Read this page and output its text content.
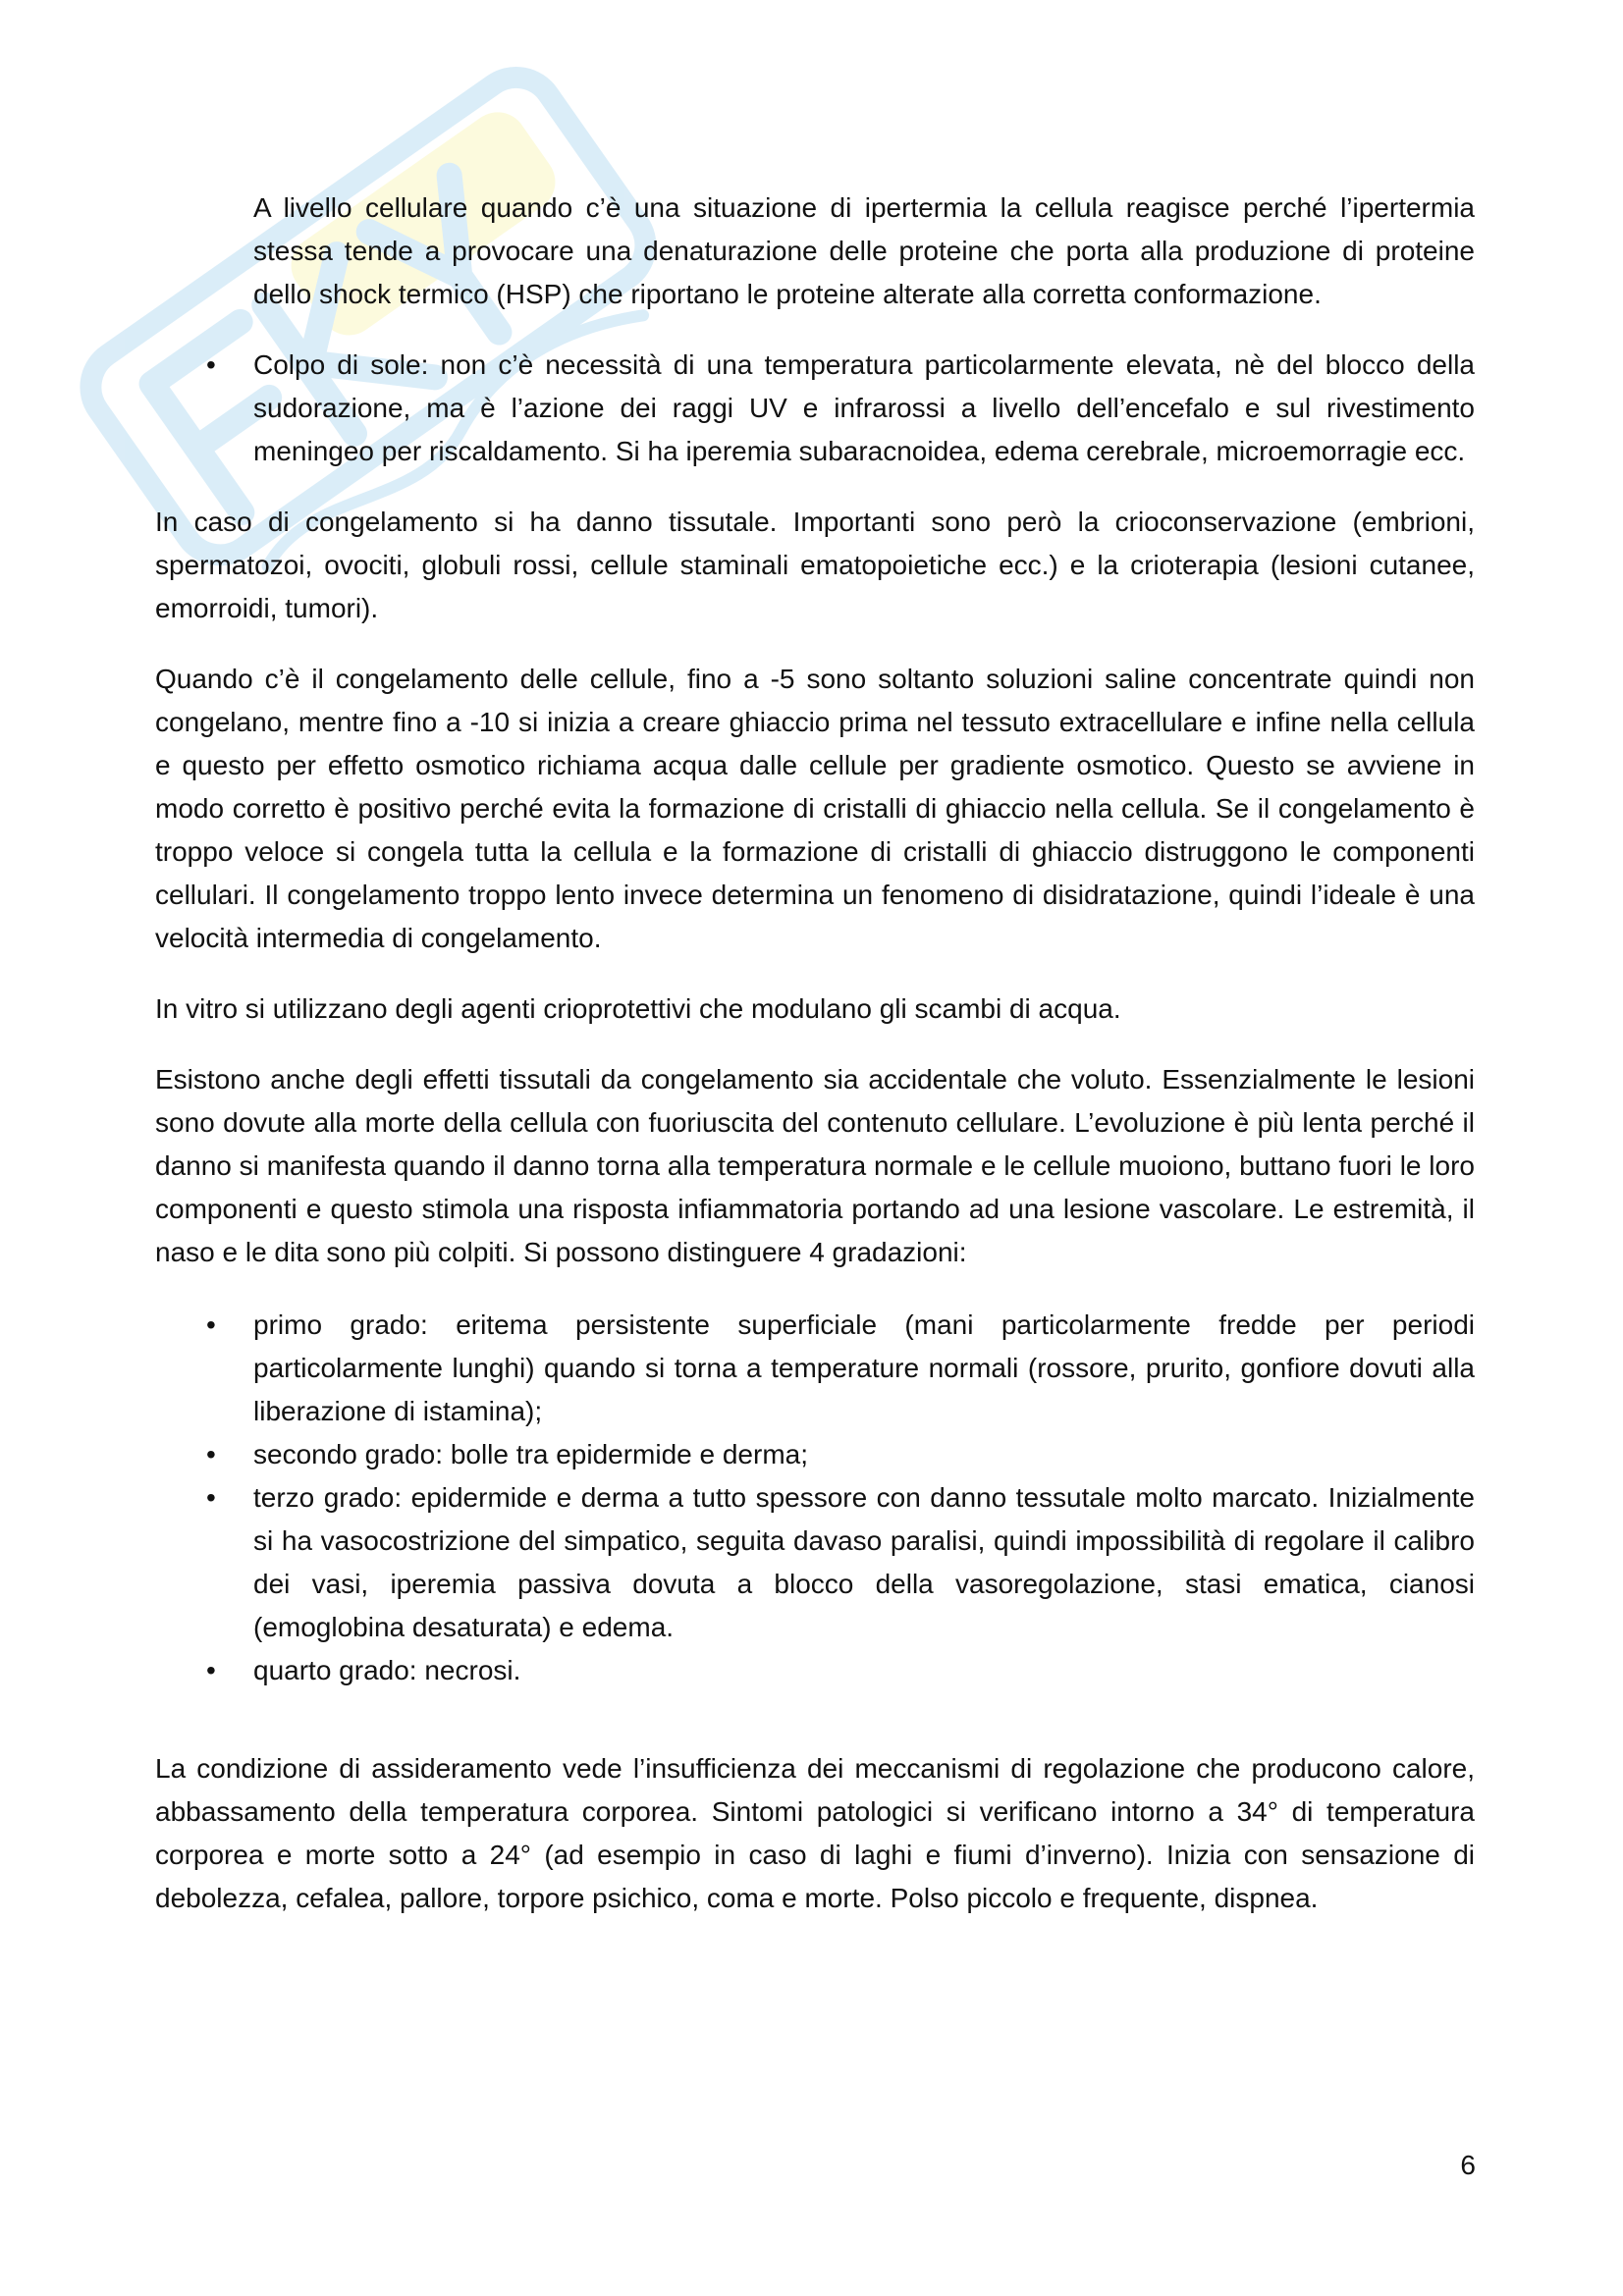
A livello cellulare quando c’è una situazione di ipertermia la cellula reagisce perché l’ipertermia stessa tende a provocare una denaturazione delle proteine che porta alla produzione di proteine dello shock termico (HSP) che riportano le proteine alterate alla corretta conformazione.

• Colpo di sole: non c’è necessità di una temperatura particolarmente elevata, nè del blocco della sudorazione, ma è l’azione dei raggi UV e infrarossi a livello dell’encefalo e sul rivestimento meningeo per riscaldamento. Si ha iperemia subaracnoidea, edema cerebrale, microemorragie ecc.

In caso di congelamento si ha danno tissutale. Importanti sono però la crioconservazione (embrioni, spermatozoi, ovociti, globuli rossi, cellule staminali ematopoietiche ecc.) e la crioterapia (lesioni cutanee, emorroidi, tumori).

Quando c’è il congelamento delle cellule, fino a -5 sono soltanto soluzioni saline concentrate quindi non congelano, mentre fino a -10 si inizia a creare ghiaccio prima nel tessuto extracellulare e infine nella cellula e questo per effetto osmotico richiama acqua dalle cellule per gradiente osmotico. Questo se avviene in modo corretto è positivo perché evita la formazione di cristalli di ghiaccio nella cellula. Se il congelamento è troppo veloce si congela tutta la cellula e la formazione di cristalli di ghiaccio distruggono le componenti cellulari. Il congelamento troppo lento invece determina un fenomeno di disidratazione, quindi l’ideale è una velocità intermedia di congelamento.

In vitro si utilizzano degli agenti crioprotettivi che modulano gli scambi di acqua.

Esistono anche degli effetti tissutali da congelamento sia accidentale che voluto. Essenzialmente le lesioni sono dovute alla morte della cellula con fuoriuscita del contenuto cellulare. L’evoluzione è più lenta perché il danno si manifesta quando il danno torna alla temperatura normale e le cellule muoiono, buttano fuori le loro componenti e questo stimola una risposta infiammatoria portando ad una lesione vascolare. Le estremità, il naso e le dita sono più colpiti. Si possono distinguere 4 gradazioni:

• primo grado: eritema persistente superficiale (mani particolarmente fredde per periodi particolarmente lunghi) quando si torna a temperature normali (rossore, prurito, gonfiore dovuti alla liberazione di istamina);
• secondo grado: bolle tra epidermide e derma;
• terzo grado: epidermide e derma a tutto spessore con danno tessutale molto marcato. Inizialmente si ha vasocostrizione del simpatico, seguita davaso paralisi, quindi impossibilità di regolare il calibro dei vasi, iperemia passiva dovuta a blocco della vasoregolazione, stasi ematica, cianosi (emoglobina desaturata) e edema.
• quarto grado: necrosi.

La condizione di assideramento vede l’insufficienza dei meccanismi di regolazione che producono calore, abbassamento della temperatura corporea. Sintomi patologici si verificano intorno a 34° di temperatura corporea e morte sotto a 24° (ad esempio in caso di laghi e fiumi d’inverno). Inizia con sensazione di debolezza, cefalea, pallore, torpore psichico, coma e morte. Polso piccolo e frequente, dispnea.

6
